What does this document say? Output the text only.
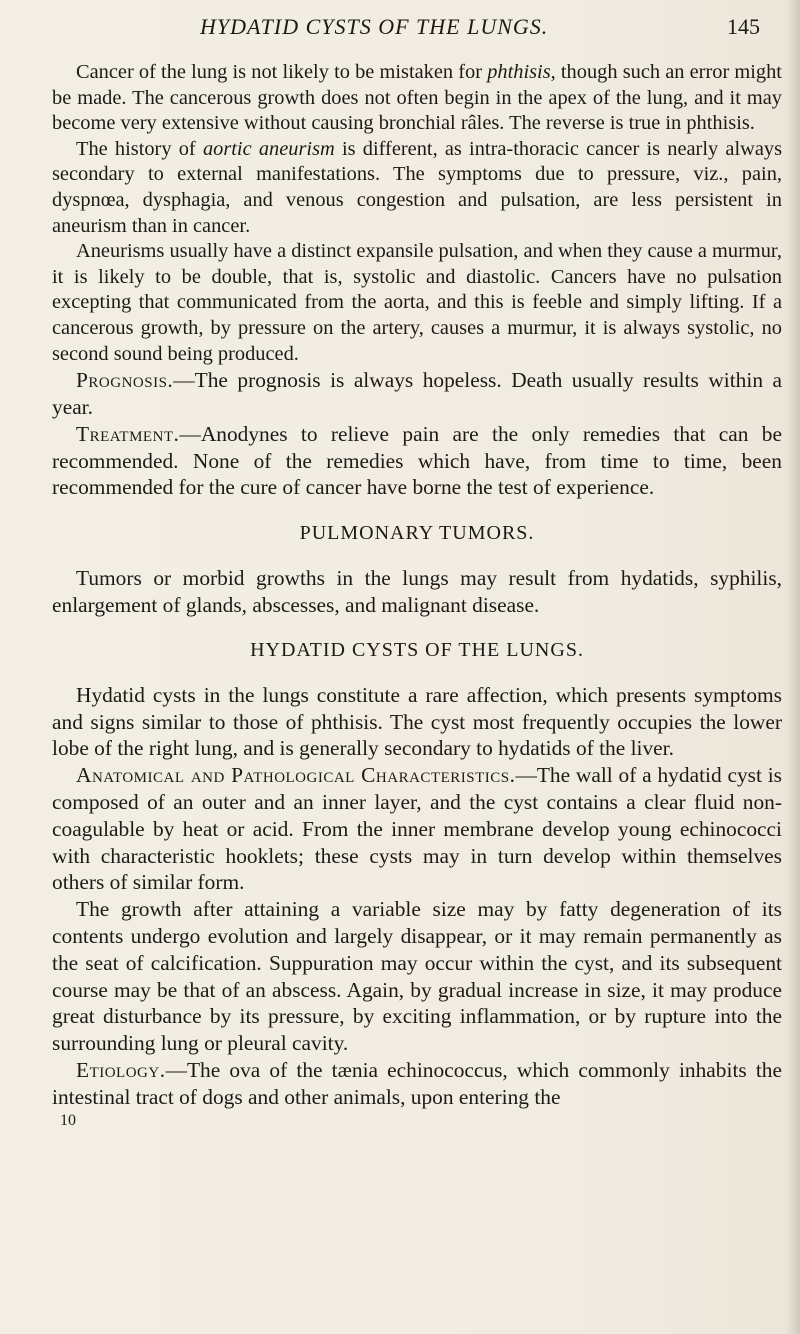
HYDATID CYSTS OF THE LUNGS.	145

Cancer of the lung is not likely to be mistaken for phthisis, though such an error might be made. The cancerous growth does not often begin in the apex of the lung, and it may become very extensive without causing bronchial râles. The reverse is true in phthisis.

The history of aortic aneurism is different, as intra-thoracic cancer is nearly always secondary to external manifestations. The symptoms due to pressure, viz., pain, dyspnœa, dysphagia, and venous congestion and pulsation, are less persistent in aneurism than in cancer.

Aneurisms usually have a distinct expansile pulsation, and when they cause a murmur, it is likely to be double, that is, systolic and diastolic. Cancers have no pulsation excepting that communicated from the aorta, and this is feeble and simply lifting. If a cancerous growth, by pressure on the artery, causes a murmur, it is always systolic, no second sound being produced.

Prognosis.—The prognosis is always hopeless. Death usually results within a year.

Treatment.—Anodynes to relieve pain are the only remedies that can be recommended. None of the remedies which have, from time to time, been recommended for the cure of cancer have borne the test of experience.

PULMONARY TUMORS.

Tumors or morbid growths in the lungs may result from hydatids, syphilis, enlargement of glands, abscesses, and malignant disease.

HYDATID CYSTS OF THE LUNGS.

Hydatid cysts in the lungs constitute a rare affection, which presents symptoms and signs similar to those of phthisis. The cyst most frequently occupies the lower lobe of the right lung, and is generally secondary to hydatids of the liver.

Anatomical and Pathological Characteristics.—The wall of a hydatid cyst is composed of an outer and an inner layer, and the cyst contains a clear fluid non-coagulable by heat or acid. From the inner membrane develop young echinococci with characteristic hooklets; these cysts may in turn develop within themselves others of similar form.

The growth after attaining a variable size may by fatty degeneration of its contents undergo evolution and largely disappear, or it may remain permanently as the seat of calcification. Suppuration may occur within the cyst, and its subsequent course may be that of an abscess. Again, by gradual increase in size, it may produce great disturbance by its pressure, by exciting inflammation, or by rupture into the surrounding lung or pleural cavity.

Etiology.—The ova of the tænia echinococcus, which commonly inhabits the intestinal tract of dogs and other animals, upon entering the

10
